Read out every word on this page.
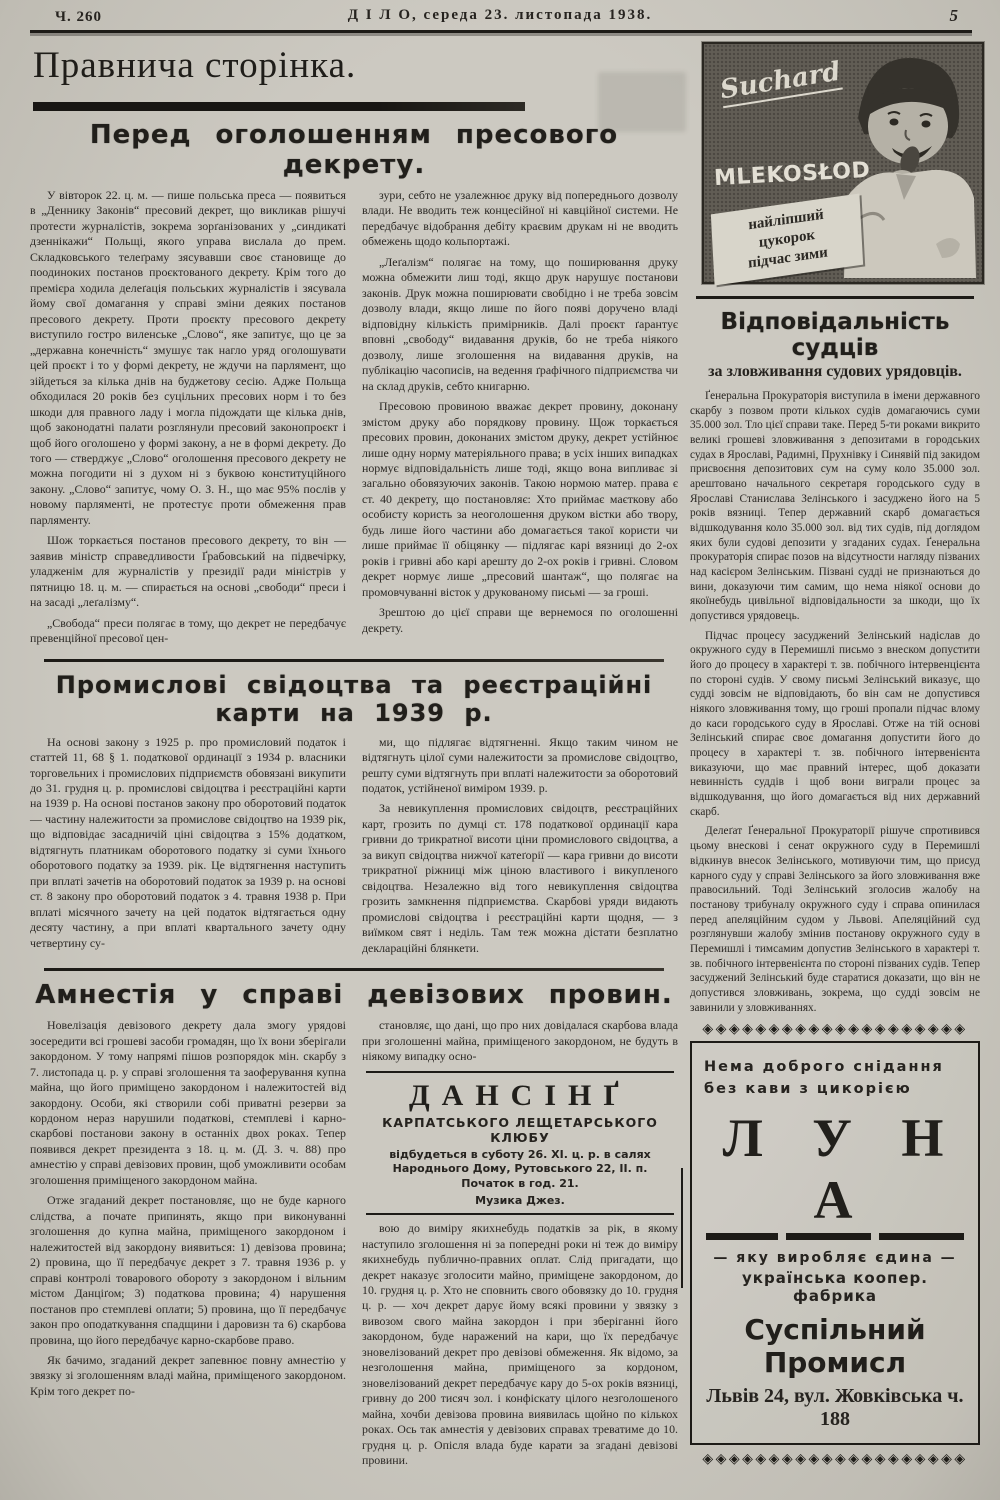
Ч. 260	Д І Л О, середа 23. листопада 1938.	5
Правнича сторінка.
Перед оголошенням пресового декрету.

У вівторок 22. ц. м. — пише польська преса — появиться в „Деннику Законів“ пресовий декрет, що викликав рішучі протести журналістів, зокрема зорґанізованих у „синдикаті дзеннікажи“ Польщі, якого управа вислала до прем. Складковського телеґраму зясувавши своє становище до поодиноких постанов проєктованого декрету. Крім того до премієра ходила делеґація польських журналістів і зясувала йому свої домагання у справі зміни деяких постанов пресового декрету. Проти проєкту пресового декрету виступило гостро виленське „Слово“, яке запитує, що це за „державна конечність“ змушує так нагло уряд оголошувати цей проєкт і то у формі декрету, не ждучи на парлямент, що зійдеться за кілька днів на буджетову сесію. Адже Польща обходилася 20 років без суцільних пресових норм і то без шкоди для правного ладу і могла підождати ще кілька днів, щоб законодатні палати розглянули пресовий законопроєкт і щоб його оголошено у формі закону, а не в формі декрету. До того — стверджує „Слово“ оголошення пресового декрету не можна погодити ні з духом ні з буквою конституційного закону. „Слово“ запитує, чому О. З. Н., що має 95% послів у новому парляменті, не протестує проти обмеження прав парляменту.

Шож торкається постанов пресового декрету, то він — заявив міністр справедливости Ґрабовський на підвечірку, уладженім для журналістів у президії ради міністрів у пятницю 18. ц. м. — спирається на основі „свободи“ преси і на засаді „леґалізму“.

„Свобода“ преси полягає в тому, що декрет не передбачує превенційної пресової цен-

зури, себто не узалежнює друку від попереднього дозволу влади. Не вводить теж концесійної ні кавційної системи. Не передбачує відобрання дебіту краєвим друкам ні не вводить обмежень щодо кольпортажі.

„Леґалізм“ полягає на тому, що поширювання друку можна обмежити лиш тоді, якщо друк нарушує постанови законів. Друк можна поширювати свобідно і не треба зовсім дозволу влади, якщо лише по його появі доручено владі відповідну кількість примірників. Далі проєкт ґарантує вповні „свободу“ видавання друків, бо не треба ніякого дозволу, лише зголошення на видавання друків, на публікацію часописів, на ведення ґрафічного підприємства чи на склад друків, себто книгарню.

Пресовою провиною вважає декрет провину, доконану змістом друку або порядкову провину. Щож торкається пресових провин, доконаних змістом друку, декрет устійнює лише одну норму матеріяльного права; в усіх інших випадках нормує відповідальність лише тоді, якщо вона випливає зі загально обовязуючих законів. Такою нормою матер. права є ст. 40 декрету, що постановляє: Хто приймає маєткову або особисту користь за неоголошення друком вістки або твору, будь лише його частини або домагається такої користи чи лише приймає її обіцянку — підлягає карі вязниці до 2-ох років і гривні або карі арешту до 2-ох років і гривні. Словом декрет нормує лише „пресовий шантаж“, що полягає на промовчуванні вісток у друкованому письмі — за гроші.

Зрештою до цієї справи ще вернемося по оголошенні декрету.

Промислові свідоцтва та реєстраційні карти на 1939 р.

На основі закону з 1925 р. про промисловий податок і статтей 11, 68 § 1. податкової ординації з 1934 р. власники торговельних і промислових підприємств обовязані викупити до 31. грудня ц. р. промислові свідоцтва і реєстраційні карти на 1939 р. На основі постанов закону про оборотовий податок — частину належитости за промислове свідоцтво на 1939 рік, що відповідає засадничій ціні свідоцтва з 15% додатком, відтягнуть платникам оборотового податку зі суми їхнього оборотового податку за 1939. рік. Це відтягнення наступить при вплаті зачетів на оборотовий податок за 1939 р. на основі ст. 8 закону про оборотовий податок з 4. травня 1938 р. При вплаті місячного зачету на цей податок відтягається одну десяту частину, а при вплаті квартального зачету одну четвертину су-

ми, що підлягає відтягненні. Якщо таким чином не відтягнуть цілої суми належитости за промислове свідоцтво, решту суми відтягнуть при вплаті належитости за оборотовий податок, устійненої виміром 1939. р.

За невикуплення промислових свідоцтв, реєстраційних карт, грозить по думці ст. 178 податкової ординації кара гривни до трикратної висоти ціни промислового свідоцтва, а за викуп свідоцтва нижчої катеґорії — кара гривни до висоти трикратної ріжниці між ціною властивого і викупленого свідоцтва. Незалежно від того невикуплення свідоцтва грозить замкнення підприємства. Скарбові уряди видають промислові свідоцтва і реєстраційні карти щодня, — з виїмком свят і неділь. Там теж можна дістати безплатно деклараційні блянкети.

Амнестія у справі девізових провин.

Новелізація девізового декрету дала змогу урядові зосередити всі грошеві засоби громадян, що їх вони зберігали закордоном. У тому напрямі пішов розпорядок мін. скарбу з 7. листопада ц. р. у справі зголошення та заоферування купна майна, що його приміщено закордоном і належитостей від закордону. Особи, які створили собі приватні резерви за кордоном нераз нарушили податкові, стемплеві і карно-скарбові постанови закону в останніх двох роках. Тепер появився декрет президента з 18. ц. м. (Д. З. ч. 88) про амнестію у справі девізових провин, щоб уможливити особам зголошення приміщеного закордоном майна.

Отже згаданий декрет постановляє, що не буде карного слідства, а почате припинять, якщо при виконуванні зголошення до купна майна, приміщеного закордоном і належитостей від закордону виявиться: 1) девізова провина; 2) провина, що її передбачує декрет з 7. травня 1936 р. у справі контролі товарового обороту з закордоном і вільним містом Данціґом; 3) податкова провина; 4) нарушення постанов про стемплеві оплати; 5) провина, що її передбачує закон про оподаткування спадщини і даровизн та 6) скарбова провина, що його передбачує карно-скарбове право.

Як бачимо, згаданий декрет запевнює повну амнестію у звязку зі зголошенням владі майна, приміщеного закордоном. Крім того декрет по-

становляє, що дані, що про них довідалася скарбова влада при зголошенні майна, приміщеного закордоном, не будуть в ніякому випадку осно-

ДАНСІНҐ
КАРПАТСЬКОГО ЛЕЩЕТАРСЬКОГО КЛЮБУ
відбудеться в суботу 26. XI. ц. р. в салях Народнього Дому, Рутовського 22, II. п. Початок в год. 21.
Музика Джез.

вою до виміру якихнебудь податків за рік, в якому наступило зголошення ні за попередні роки ні теж до виміру якихнебудь публично-правних оплат. Слід пригадати, що декрет наказує зголосити майно, приміщене закордоном, до 10. грудня ц. р. Хто не сповнить свого обовязку до 10. грудня ц. р. — хоч декрет дарує йому всякі провини у звязку з вивозом свого майна закордон і при зберіганні його закордоном, буде наражений на кари, що їх передбачує зновелізований декрет про девізові обмеження. Як відомо, за незголошення майна, приміщеного за кордоном, зновелізований декрет передбачує кару до 5-ох років вязниці, гривну до 200 тисяч зол. і конфіскату цілого незголошеного майна, хочби девізова провина виявилась щойно по кількох роках. Ось так амнестія у девізових справах треватиме до 10. грудня ц. р. Опісля влада буде карати за згадані девізові провини.

Suchard
MLEKOSŁOD
найліпший
цукорок
підчас зими
Відповідальність судців
за зловживання судових урядовців.

Ґенеральна Прокураторія виступила в імени державного скарбу з позвом проти кількох судів домагаючись суми 35.000 зол. Тло цієї справи таке. Перед 5-ти роками викрито великі грошеві зловживання з депозитами в городських судах в Ярославі, Радимні, Прухнівку і Синявій під закидом присвоєння депозитових сум на суму коло 35.000 зол. арештовано начального секретаря городського суду в Ярославі Станислава Зелінського і засуджено його на 5 років вязниці. Тепер державний скарб домагається відшкодування коло 35.000 зол. від тих судів, під доглядом яких були судові депозити у згаданих судах. Ґенеральна прокураторія спирає позов на відсутности нагляду пізваних над касієром Зелінським. Пізвані судді не признаються до вини, доказуючи тим самим, що нема ніякої основи до якоїнебудь цивільної відповідальности за шкоди, що їх допустився урядовець.

Підчас процесу засуджений Зелінський надіслав до окружного суду в Перемишлі письмо з внеском допустити його до процесу в характері т. зв. побічного інтервенцієнта по стороні судів. У свому письмі Зелінський виказує, що судді зовсім не відповідають, бо він сам не допустився ніякого зловживання тому, що гроші пропали підчас влому до каси городського суду в Ярославі. Отже на тій основі Зелінський спирає своє домагання допустити його до процесу в характері т. зв. побічного інтервенієнта виказуючи, що має правний інтерес, щоб доказати невинність суддів і щоб вони виграли процес за відшкодування, що його домагається від них державний скарб.

Делеґат Ґенеральної Прокураторії рішуче спротивився цьому внескові і сенат окружного суду в Перемишлі відкинув внесок Зелінського, мотивуючи тим, що присуд карного суду у справі Зелінського за його зловживання вже правосильний. Тоді Зелінський зголосив жалобу на постанову трибуналу окружного суду і справа опинилася перед апеляційним судом у Львові. Апеляційний суд розглянувши жалобу змінив постанову окружного суду в Перемишлі і тимсамим допустив Зелінського в характері т. зв. побічного інтервенієнта по стороні пізваних судів. Тепер засуджений Зелінський буде старатися доказати, що він не допустився зловживань, зокрема, що судді зовсім не завинили у зловживаннях.

◈◈◈◈◈◈◈◈◈◈◈◈◈◈◈◈◈◈◈◈
Нема доброго снідання
без кави з цикорією
Л У Н А
— яку виробляє єдина —
українська коопер. фабрика
Суспільний Промисл
Львів 24, вул. Жовківська ч. 188
◈◈◈◈◈◈◈◈◈◈◈◈◈◈◈◈◈◈◈◈
